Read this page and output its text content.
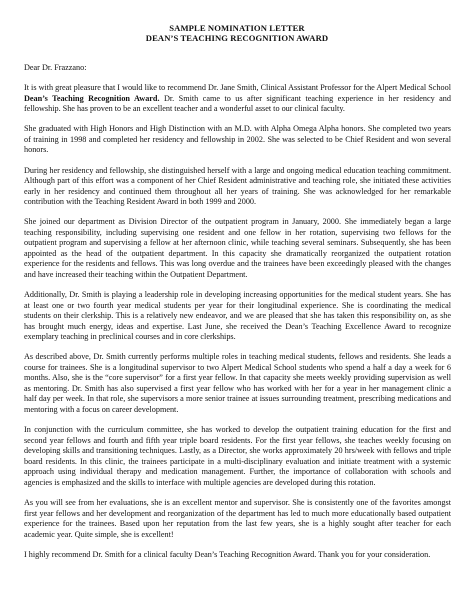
SAMPLE NOMINATION LETTER

DEAN’S TEACHING RECOGNITION AWARD

Dear Dr. Frazzano:

It is with great pleasure that I would like to recommend Dr. Jane Smith, Clinical Assistant Professor for the Alpert Medical School Dean’s Teaching Recognition Award. Dr. Smith came to us after significant teaching experience in her residency and fellowship. She has proven to be an excellent teacher and a wonderful asset to our clinical faculty.

She graduated with High Honors and High Distinction with an M.D. with Alpha Omega Alpha honors. She completed two years of training in 1998 and completed her residency and fellowship in 2002. She was selected to be Chief Resident and won several honors.

During her residency and fellowship, she distinguished herself with a large and ongoing medical education teaching commitment. Although part of this effort was a component of her Chief Resident administrative and teaching role, she initiated these activities early in her residency and continued them throughout all her years of training. She was acknowledged for her remarkable contribution with the Teaching Resident Award in both 1999 and 2000.

She joined our department as Division Director of the outpatient program in January, 2000. She immediately began a large teaching responsibility, including supervising one resident and one fellow in her rotation, supervising two fellows for the outpatient program and supervising a fellow at her afternoon clinic, while teaching several seminars. Subsequently, she has been appointed as the head of the outpatient department. In this capacity she dramatically reorganized the outpatient rotation experience for the residents and fellows. This was long overdue and the trainees have been exceedingly pleased with the changes and have increased their teaching within the Outpatient Department.

Additionally, Dr. Smith is playing a leadership role in developing increasing opportunities for the medical student years. She has at least one or two fourth year medical students per year for their longitudinal experience. She is coordinating the medical students on their clerkship. This is a relatively new endeavor, and we are pleased that she has taken this responsibility on, as she has brought much energy, ideas and expertise. Last June, she received the Dean’s Teaching Excellence Award to recognize exemplary teaching in preclinical courses and in core clerkships.

As described above, Dr. Smith currently performs multiple roles in teaching medical students, fellows and residents. She leads a course for trainees. She is a longitudinal supervisor to two Alpert Medical School students who spend a half a day a week for 6 months. Also, she is the “core supervisor” for a first year fellow. In that capacity she meets weekly providing supervision as well as mentoring. Dr. Smith has also supervised a first year fellow who has worked with her for a year in her management clinic a half day per week. In that role, she supervisors a more senior trainee at issues surrounding treatment, prescribing medications and mentoring with a focus on career development.

In conjunction with the curriculum committee, she has worked to develop the outpatient training education for the first and second year fellows and fourth and fifth year triple board residents. For the first year fellows, she teaches weekly focusing on developing skills and transitioning techniques. Lastly, as a Director, she works approximately 20 hrs/week with fellows and triple board residents. In this clinic, the trainees participate in a multi-disciplinary evaluation and initiate treatment with a systemic approach using individual therapy and medication management. Further, the importance of collaboration with schools and agencies is emphasized and the skills to interface with multiple agencies are developed during this rotation.

As you will see from her evaluations, she is an excellent mentor and supervisor. She is consistently one of the favorites amongst first year fellows and her development and reorganization of the department has led to much more educationally based outpatient experience for the trainees. Based upon her reputation from the last few years, she is a highly sought after teacher for each academic year. Quite simple, she is excellent!

I highly recommend Dr. Smith for a clinical faculty Dean’s Teaching Recognition Award. Thank you for your consideration.
